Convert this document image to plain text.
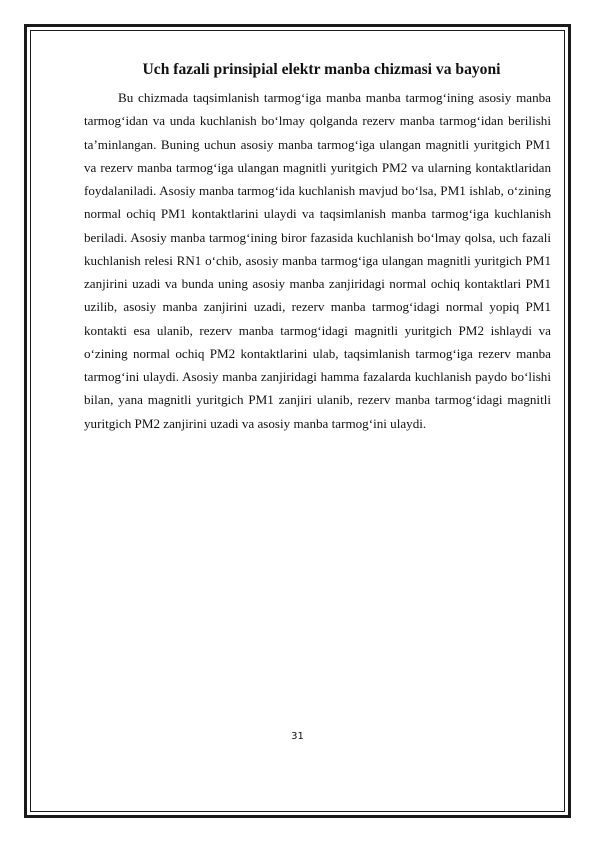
Uch fazali prinsipial elektr manba chizmasi va bayoni

Bu chizmada taqsimlanish tarmog‘iga manba manba tarmog‘ining asosiy manba tarmog‘idan va unda kuchlanish bo‘lmay qolganda rezerv manba tarmog‘idan berilishi ta’minlangan. Buning uchun asosiy manba tarmog‘iga ulangan magnitli yuritgich PM1 va rezerv manba tarmog‘iga ulangan magnitli yuritgich PM2 va ularning kontaktlaridan foydalaniladi. Asosiy manba tarmog‘ida kuchlanish mavjud bo‘lsa, PM1 ishlab, o‘zining normal ochiq PM1 kontaktlarini ulaydi va taqsimlanish manba tarmog‘iga kuchlanish beriladi. Asosiy manba tarmog‘ining biror fazasida kuchlanish bo‘lmay qolsa, uch fazali kuchlanish relesi RN1 o‘chib, asosiy manba tarmog‘iga ulangan magnitli yuritgich PM1 zanjirini uzadi va bunda uning asosiy manba zanjiridagi normal ochiq kontaktlari PM1 uzilib, asosiy manba zanjirini uzadi, rezerv manba tarmog‘idagi normal yopiq PM1 kontakti esa ulanib, rezerv manba tarmog‘idagi magnitli yuritgich PM2 ishlaydi va o‘zining normal ochiq PM2 kontaktlarini ulab, taqsimlanish tarmog‘iga rezerv manba tarmog‘ini ulaydi. Asosiy manba zanjiridagi hamma fazalarda kuchlanish paydo bo‘lishi bilan, yana magnitli yuritgich PM1 zanjiri ulanib, rezerv manba tarmog‘idagi magnitli yuritgich PM2 zanjirini uzadi va asosiy manba tarmog‘ini ulaydi.

31
